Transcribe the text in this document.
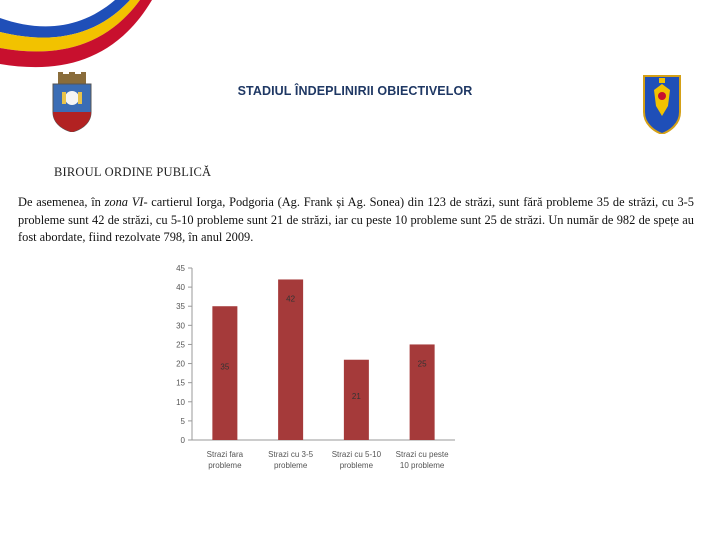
STADIUL ÎNDEPLINIRII OBIECTIVELOR
BIROUL ORDINE PUBLICĂ
De asemenea, în zona VI- cartierul Iorga, Podgoria (Ag. Frank și Ag. Sonea) din 123 de străzi, sunt fără probleme 35 de străzi, cu 3-5 probleme sunt 42 de străzi, cu 5-10 probleme sunt 21 de străzi, iar cu peste 10 probleme sunt 25 de străzi. Un număr de 982 de spețe au fost abordate, fiind rezolvate 798, în anul 2009.
0
5
10
15
20
25
30
35
40
45
35
Strazi fara
probleme
42
Strazi cu 3-5
probleme
21
Strazi cu 5-10
probleme
25
Strazi cu peste
10 probleme
